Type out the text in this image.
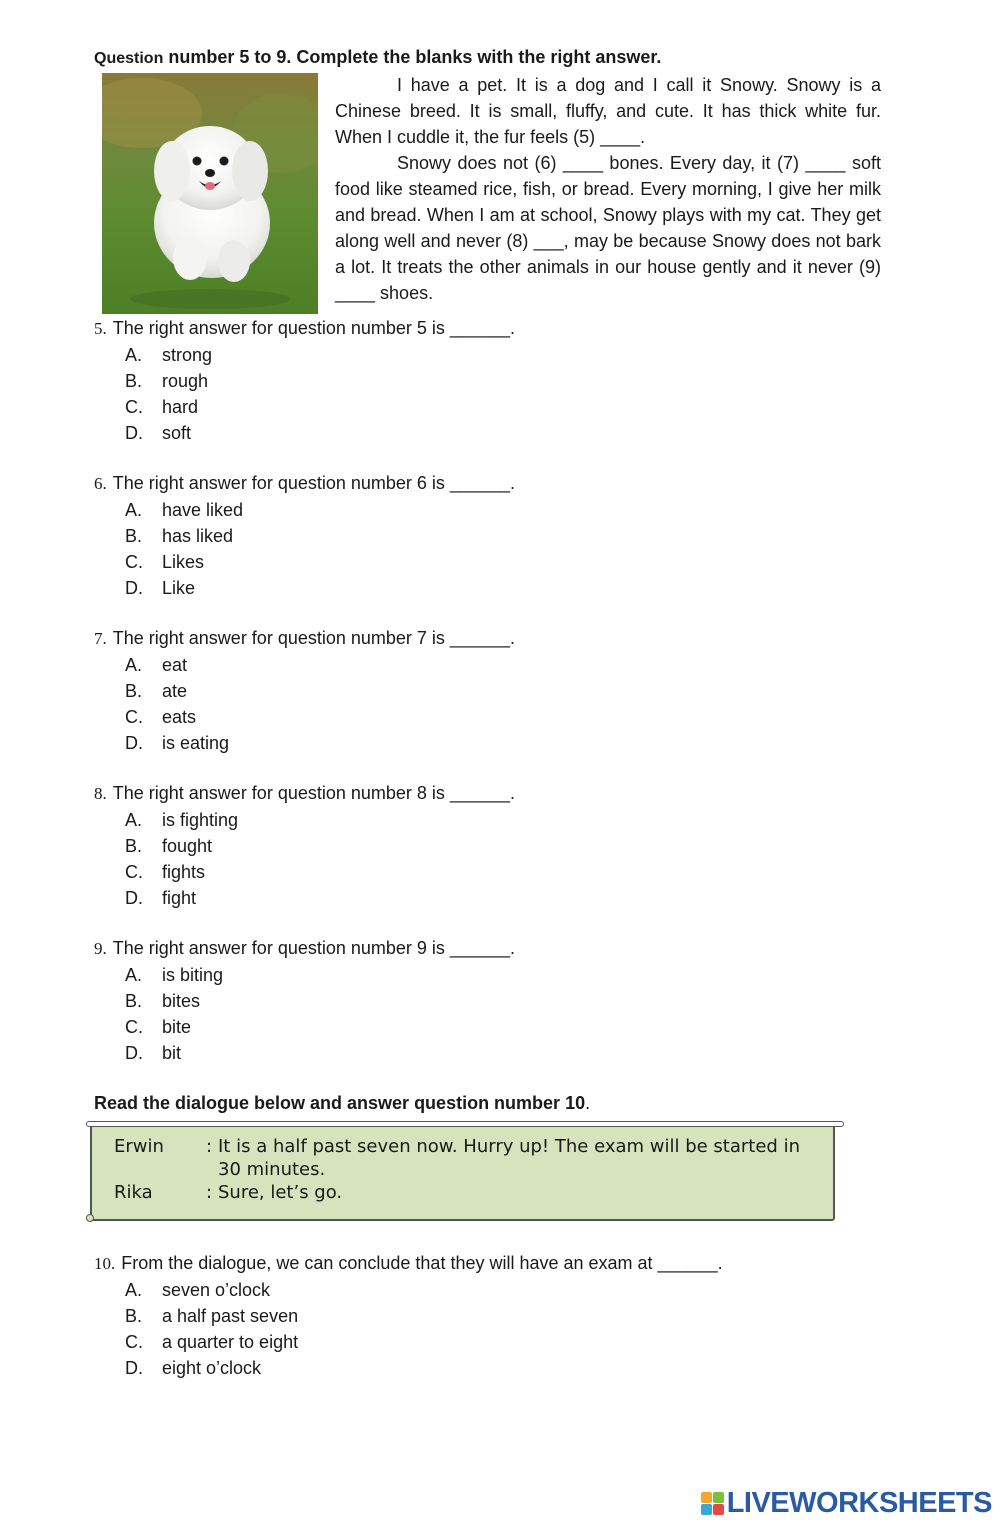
Question number 5 to 9. Complete the blanks with the right answer.

I have a pet. It is a dog and I call it Snowy. Snowy is a Chinese breed. It is small, fluffy, and cute. It has thick white fur. When I cuddle it, the fur feels (5) ____.

Snowy does not (6) ____ bones. Every day, it (7) ____ soft food like steamed rice, fish, or bread. Every morning, I give her milk and bread. When I am at school, Snowy plays with my cat. They get along well and never (8) ___, may be because Snowy does not bark a lot. It treats the other animals in our house gently and it never (9) ____ shoes.

5. The right answer for question number 5 is ______.
A. strong
B. rough
C. hard
D. soft
6. The right answer for question number 6 is ______.
A. have liked
B. has liked
C. Likes
D. Like
7. The right answer for question number 7 is ______.
A. eat
B. ate
C. eats
D. is eating
8. The right answer for question number 8 is ______.
A. is fighting
B. fought
C. fights
D. fight
9. The right answer for question number 9 is ______.
A. is biting
B. bites
C. bite
D. bit
Read the dialogue below and answer question number 10.
Erwin : It is a half past seven now. Hurry up! The exam will be started in 30 minutes.
Rika	: Sure, let’s go.
10. From the dialogue, we can conclude that they will have an exam at ______.
A. seven o’clock
B. a half past seven
C. a quarter to eight
D. eight o’clock
LIVEWORKSHEETS
